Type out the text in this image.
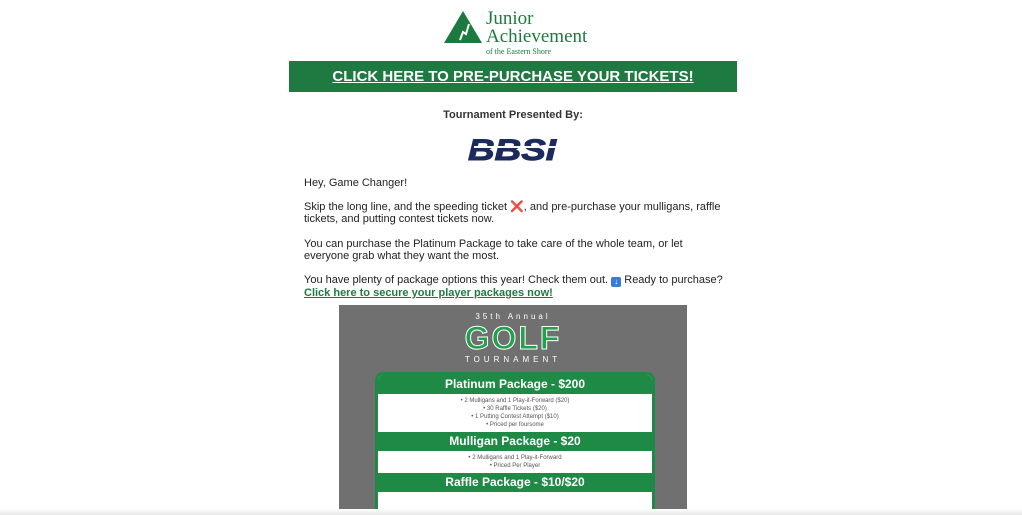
Junior
Achievement
of the Eastern Shore
CLICK HERE TO PRE-PURCHASE YOUR TICKETS!
Tournament Presented By:
BBSI

Hey, Game Changer!

Skip the long line, and the speeding ticket ❌, and pre-purchase your mulligans, raffle tickets, and putting contest tickets now.

You can purchase the Platinum Package to take care of the whole team, or let everyone grab what they want the most.

You have plenty of package options this year! Check them out. ↓ Ready to purchase?

Click here to secure your player packages now!

35th Annual
GOLF
TOURNAMENT
Platinum Package - $200
• 2 Mulligans and 1 Play-it-Forward ($20)
• 30 Raffle Tickets ($20)
• 1 Putting Contest Attempt ($10)
• Priced per foursome
Mulligan Package - $20
• 2 Mulligans and 1 Play-it-Forward
• Priced Per Player
Raffle Package - $10/$20
